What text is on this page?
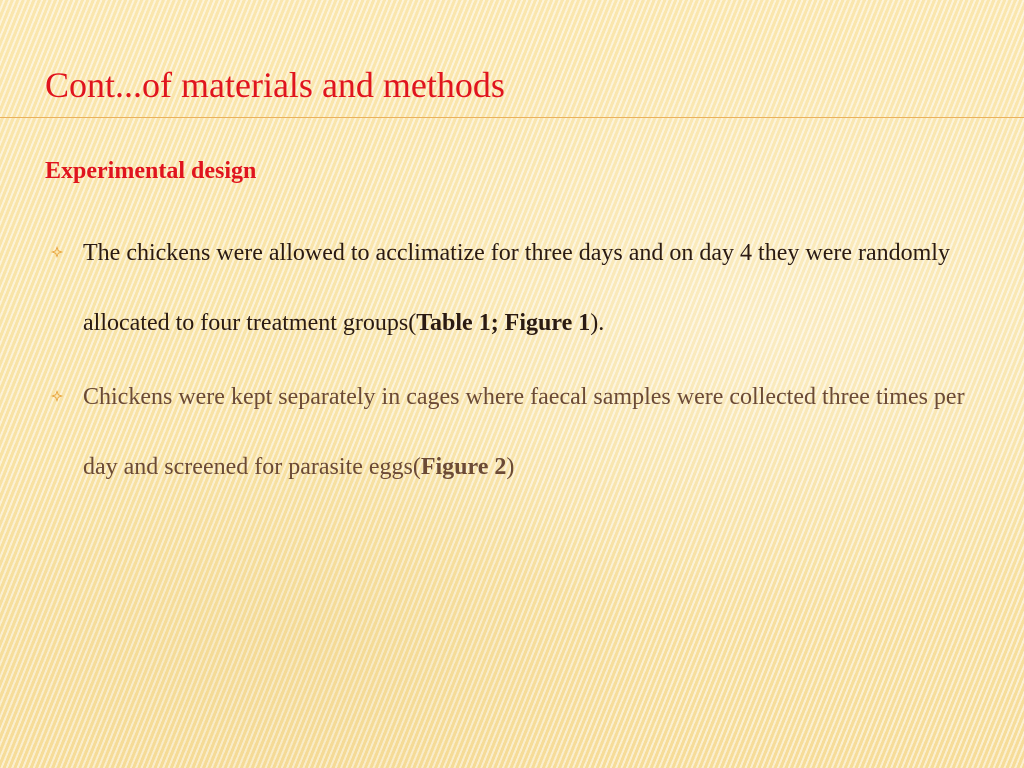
Cont...of materials and methods
Experimental design
The chickens were allowed to acclimatize for three days and on day 4 they were randomly allocated to four treatment groups(Table 1; Figure 1).
Chickens were kept separately in cages where faecal samples were collected three times per day and screened for parasite eggs(Figure 2)
